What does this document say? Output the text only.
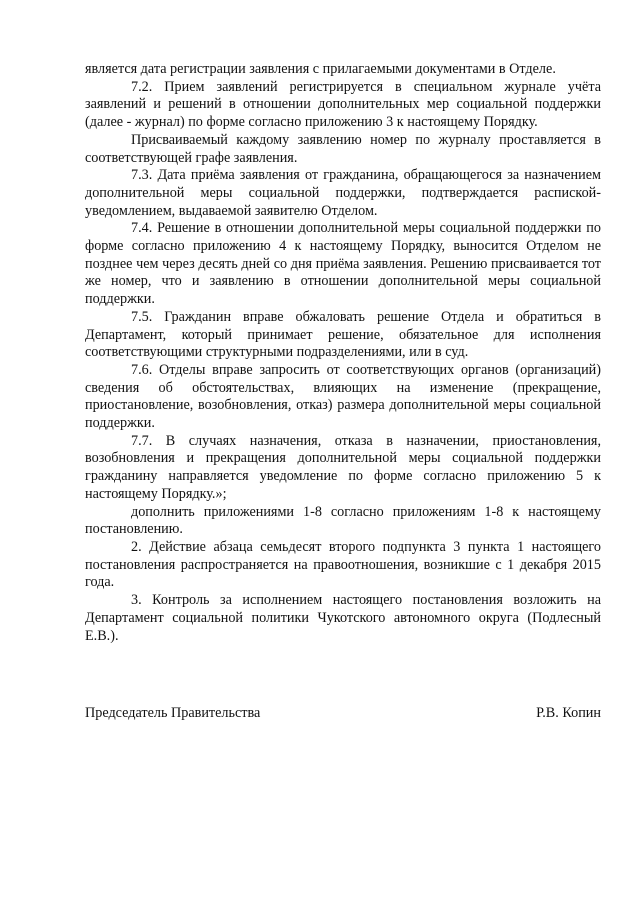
является дата регистрации заявления с прилагаемыми документами в Отделе.

7.2. Прием заявлений регистрируется в специальном журнале учёта заявлений и решений в отношении дополнительных мер социальной поддержки (далее - журнал) по форме согласно приложению 3 к настоящему Порядку.

Присваиваемый каждому заявлению номер по журналу проставляется в соответствующей графе заявления.

7.3. Дата приёма заявления от гражданина, обращающегося за назначением дополнительной меры социальной поддержки, подтверждается распиской-уведомлением, выдаваемой заявителю Отделом.

7.4. Решение в отношении дополнительной меры социальной поддержки по форме согласно приложению 4 к настоящему Порядку, выносится Отделом не позднее чем через десять дней со дня приёма заявления. Решению присваивается тот же номер, что и заявлению в отношении дополнительной меры социальной поддержки.

7.5. Гражданин вправе обжаловать решение Отдела и обратиться в Департамент, который принимает решение, обязательное для исполнения соответствующими структурными подразделениями, или в суд.

7.6. Отделы вправе запросить от соответствующих органов (организаций) сведения об обстоятельствах, влияющих на изменение (прекращение, приостановление, возобновления, отказ) размера дополнительной меры социальной поддержки.

7.7. В случаях назначения, отказа в назначении, приостановления, возобновления и прекращения дополнительной меры социальной поддержки гражданину направляется уведомление по форме согласно приложению 5 к настоящему Порядку.»;

дополнить приложениями 1-8 согласно приложениям 1-8 к настоящему постановлению.

2. Действие абзаца семьдесят второго подпункта 3 пункта 1 настоящего постановления распространяется на правоотношения, возникшие с 1 декабря 2015 года.

3. Контроль за исполнением настоящего постановления возложить на Департамент социальной политики Чукотского автономного округа (Подлесный Е.В.).

Председатель Правительства	Р.В. Копин
